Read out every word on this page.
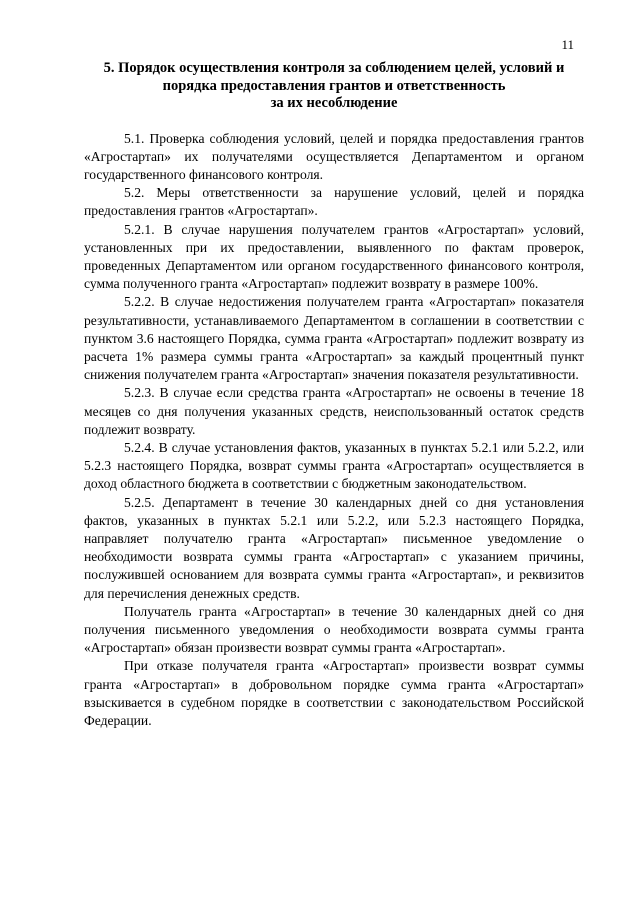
11
5. Порядок осуществления контроля за соблюдением целей, условий и
порядка предоставления грантов и ответственность
за их несоблюдение

5.1. Проверка соблюдения условий, целей и порядка предоставления грантов «Агростартап» их получателями осуществляется Департаментом и органом государственного финансового контроля.

5.2. Меры ответственности за нарушение условий, целей и порядка предоставления грантов «Агростартап».

5.2.1. В случае нарушения получателем грантов «Агростартап» условий, установленных при их предоставлении, выявленного по фактам проверок, проведенных Департаментом или органом государственного финансового контроля, сумма полученного гранта «Агростартап» подлежит возврату в размере 100%.

5.2.2. В случае недостижения получателем гранта «Агростартап» показателя результативности, устанавливаемого Департаментом в соглашении в соответствии с пунктом 3.6 настоящего Порядка, сумма гранта «Агростартап» подлежит возврату из расчета 1% размера суммы гранта «Агростартап» за каждый процентный пункт снижения получателем гранта «Агростартап» значения показателя результативности.

5.2.3. В случае если средства гранта «Агростартап» не освоены в течение 18 месяцев со дня получения указанных средств, неиспользованный остаток средств подлежит возврату.

5.2.4. В случае установления фактов, указанных в пунктах 5.2.1 или 5.2.2, или 5.2.3 настоящего Порядка, возврат суммы гранта «Агростартап» осуществляется в доход областного бюджета в соответствии с бюджетным законодательством.

5.2.5. Департамент в течение 30 календарных дней со дня установления фактов, указанных в пунктах 5.2.1 или 5.2.2, или 5.2.3 настоящего Порядка, направляет получателю гранта «Агростартап» письменное уведомление о необходимости возврата суммы гранта «Агростартап» с указанием причины, послужившей основанием для возврата суммы гранта «Агростартап», и реквизитов для перечисления денежных средств.

Получатель гранта «Агростартап» в течение 30 календарных дней со дня получения письменного уведомления о необходимости возврата суммы гранта «Агростартап» обязан произвести возврат суммы гранта «Агростартап».

При отказе получателя гранта «Агростартап» произвести возврат суммы гранта «Агростартап» в добровольном порядке сумма гранта «Агростартап» взыскивается в судебном порядке в соответствии с законодательством Российской Федерации.
